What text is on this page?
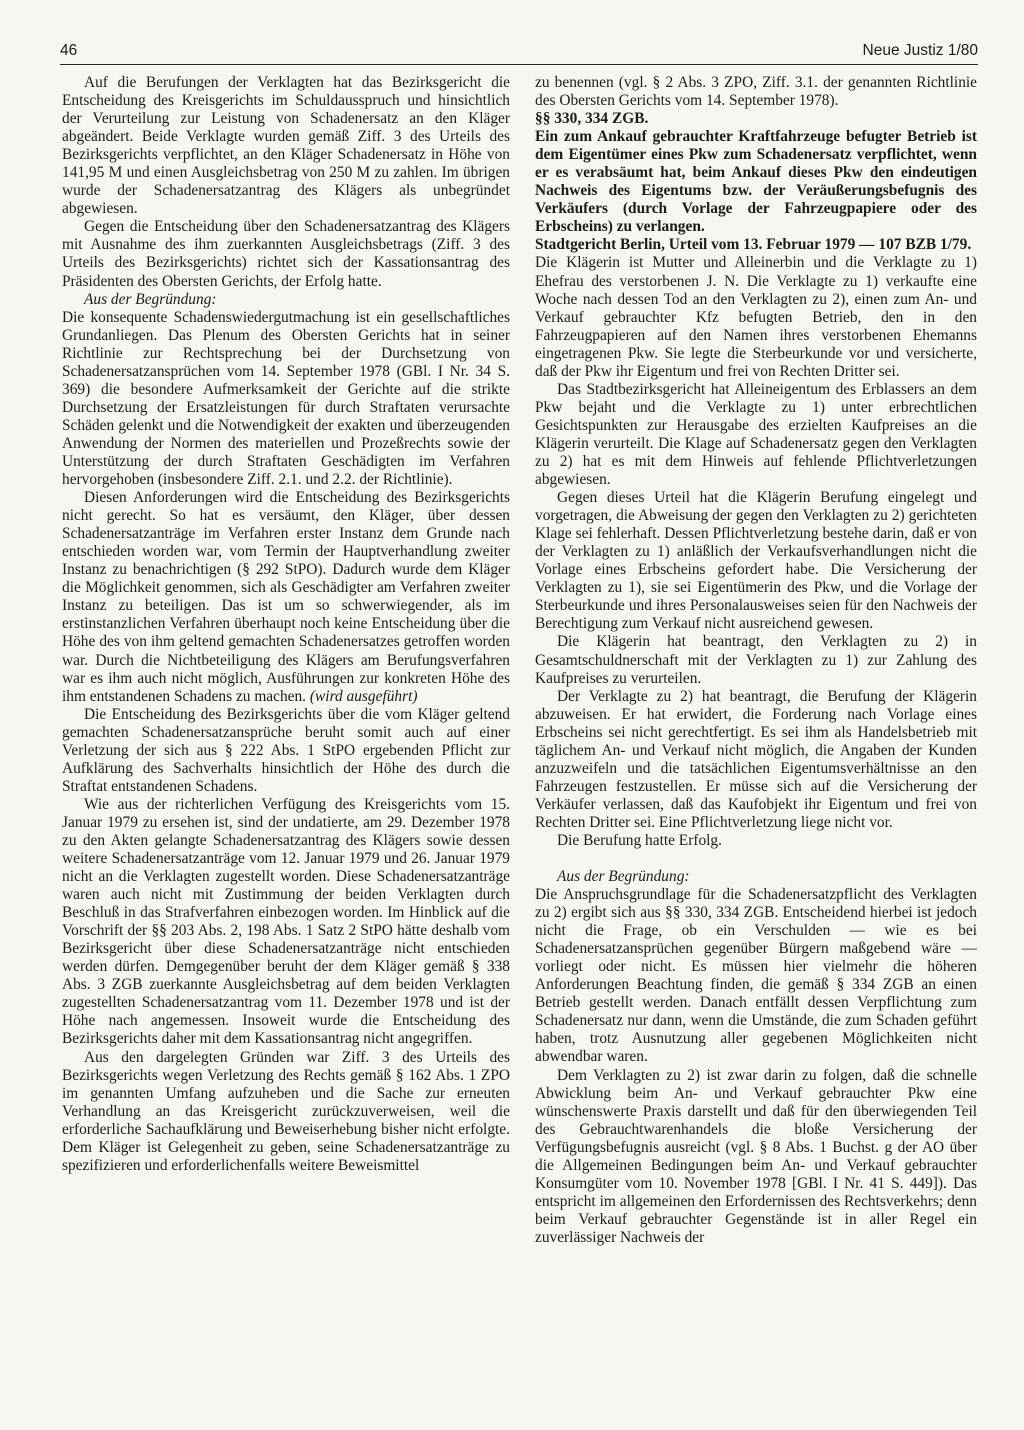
46	Neue Justiz 1/80

Auf die Berufungen der Verklagten hat das Bezirksgericht die Entscheidung des Kreisgerichts im Schuldausspruch und hinsichtlich der Verurteilung zur Leistung von Schadenersatz an den Kläger abgeändert. Beide Verklagte wurden gemäß Ziff. 3 des Urteils des Bezirksgerichts verpflichtet, an den Kläger Schadenersatz in Höhe von 141,95 M und einen Ausgleichsbetrag von 250 M zu zahlen. Im übrigen wurde der Schadenersatzantrag des Klägers als unbegründet abgewiesen.

Gegen die Entscheidung über den Schadenersatzantrag des Klägers mit Ausnahme des ihm zuerkannten Ausgleichsbetrags (Ziff. 3 des Urteils des Bezirksgerichts) richtet sich der Kassationsantrag des Präsidenten des Obersten Gerichts, der Erfolg hatte.

Aus der Begründung:

Die konsequente Schadenswiedergutmachung ist ein gesellschaftliches Grundanliegen. Das Plenum des Obersten Gerichts hat in seiner Richtlinie zur Rechtsprechung bei der Durchsetzung von Schadenersatzansprüchen vom 14. September 1978 (GBl. I Nr. 34 S. 369) die besondere Aufmerksamkeit der Gerichte auf die strikte Durchsetzung der Ersatzleistungen für durch Straftaten verursachte Schäden gelenkt und die Notwendigkeit der exakten und überzeugenden Anwendung der Normen des materiellen und Prozeßrechts sowie der Unterstützung der durch Straftaten Geschädigten im Verfahren hervorgehoben (insbesondere Ziff. 2.1. und 2.2. der Richtlinie).

Diesen Anforderungen wird die Entscheidung des Bezirksgerichts nicht gerecht. So hat es versäumt, den Kläger, über dessen Schadenersatzanträge im Verfahren erster Instanz dem Grunde nach entschieden worden war, vom Termin der Hauptverhandlung zweiter Instanz zu benachrichtigen (§ 292 StPO). Dadurch wurde dem Kläger die Möglichkeit genommen, sich als Geschädigter am Verfahren zweiter Instanz zu beteiligen. Das ist um so schwerwiegender, als im erstinstanzlichen Verfahren überhaupt noch keine Entscheidung über die Höhe des von ihm geltend gemachten Schadenersatzes getroffen worden war. Durch die Nichtbeteiligung des Klägers am Berufungsverfahren war es ihm auch nicht möglich, Ausführungen zur konkreten Höhe des ihm entstandenen Schadens zu machen. (wird ausgeführt)

Die Entscheidung des Bezirksgerichts über die vom Kläger geltend gemachten Schadenersatzansprüche beruht somit auch auf einer Verletzung der sich aus § 222 Abs. 1 StPO ergebenden Pflicht zur Aufklärung des Sachverhalts hinsichtlich der Höhe des durch die Straftat entstandenen Schadens.

Wie aus der richterlichen Verfügung des Kreisgerichts vom 15. Januar 1979 zu ersehen ist, sind der undatierte, am 29. Dezember 1978 zu den Akten gelangte Schadenersatzantrag des Klägers sowie dessen weitere Schadenersatzanträge vom 12. Januar 1979 und 26. Januar 1979 nicht an die Verklagten zugestellt worden. Diese Schadenersatzanträge waren auch nicht mit Zustimmung der beiden Verklagten durch Beschluß in das Strafverfahren einbezogen worden. Im Hinblick auf die Vorschrift der §§ 203 Abs. 2, 198 Abs. 1 Satz 2 StPO hätte deshalb vom Bezirksgericht über diese Schadenersatzanträge nicht entschieden werden dürfen. Demgegenüber beruht der dem Kläger gemäß § 338 Abs. 3 ZGB zuerkannte Ausgleichsbetrag auf dem beiden Verklagten zugestellten Schadenersatzantrag vom 11. Dezember 1978 und ist der Höhe nach angemessen. Insoweit wurde die Entscheidung des Bezirksgerichts daher mit dem Kassationsantrag nicht angegriffen.

Aus den dargelegten Gründen war Ziff. 3 des Urteils des Bezirksgerichts wegen Verletzung des Rechts gemäß § 162 Abs. 1 ZPO im genannten Umfang aufzuheben und die Sache zur erneuten Verhandlung an das Kreisgericht zurückzuverweisen, weil die erforderliche Sachaufklärung und Beweiserhebung bisher nicht erfolgte. Dem Kläger ist Gelegenheit zu geben, seine Schadenersatzanträge zu spezifizieren und erforderlichenfalls weitere Beweismittel

zu benennen (vgl. § 2 Abs. 3 ZPO, Ziff. 3.1. der genannten Richtlinie des Obersten Gerichts vom 14. September 1978).

§§ 330, 334 ZGB.

Ein zum Ankauf gebrauchter Kraftfahrzeuge befugter Betrieb ist dem Eigentümer eines Pkw zum Schadenersatz verpflichtet, wenn er es verabsäumt hat, beim Ankauf dieses Pkw den eindeutigen Nachweis des Eigentums bzw. der Veräußerungsbefugnis des Verkäufers (durch Vorlage der Fahrzeugpapiere oder des Erbscheins) zu verlangen.

Stadtgericht Berlin, Urteil vom 13. Februar 1979 — 107 BZB 1/79.

Die Klägerin ist Mutter und Alleinerbin und die Verklagte zu 1) Ehefrau des verstorbenen J. N. Die Verklagte zu 1) verkaufte eine Woche nach dessen Tod an den Verklagten zu 2), einen zum An- und Verkauf gebrauchter Kfz befugten Betrieb, den in den Fahrzeugpapieren auf den Namen ihres verstorbenen Ehemanns eingetragenen Pkw. Sie legte die Sterbeurkunde vor und versicherte, daß der Pkw ihr Eigentum und frei von Rechten Dritter sei.

Das Stadtbezirksgericht hat Alleineigentum des Erblassers an dem Pkw bejaht und die Verklagte zu 1) unter erbrechtlichen Gesichtspunkten zur Herausgabe des erzielten Kaufpreises an die Klägerin verurteilt. Die Klage auf Schadenersatz gegen den Verklagten zu 2) hat es mit dem Hinweis auf fehlende Pflichtverletzungen abgewiesen.

Gegen dieses Urteil hat die Klägerin Berufung eingelegt und vorgetragen, die Abweisung der gegen den Verklagten zu 2) gerichteten Klage sei fehlerhaft. Dessen Pflichtverletzung bestehe darin, daß er von der Verklagten zu 1) anläßlich der Verkaufsverhandlungen nicht die Vorlage eines Erbscheins gefordert habe. Die Versicherung der Verklagten zu 1), sie sei Eigentümerin des Pkw, und die Vorlage der Sterbeurkunde und ihres Personalausweises seien für den Nachweis der Berechtigung zum Verkauf nicht ausreichend gewesen.

Die Klägerin hat beantragt, den Verklagten zu 2) in Gesamtschuldnerschaft mit der Verklagten zu 1) zur Zahlung des Kaufpreises zu verurteilen.

Der Verklagte zu 2) hat beantragt, die Berufung der Klägerin abzuweisen. Er hat erwidert, die Forderung nach Vorlage eines Erbscheins sei nicht gerechtfertigt. Es sei ihm als Handelsbetrieb mit täglichem An- und Verkauf nicht möglich, die Angaben der Kunden anzuzweifeln und die tatsächlichen Eigentumsverhältnisse an den Fahrzeugen festzustellen. Er müsse sich auf die Versicherung der Verkäufer verlassen, daß das Kaufobjekt ihr Eigentum und frei von Rechten Dritter sei. Eine Pflichtverletzung liege nicht vor.

Die Berufung hatte Erfolg.

Aus der Begründung:

Die Anspruchsgrundlage für die Schadenersatzpflicht des Verklagten zu 2) ergibt sich aus §§ 330, 334 ZGB. Entscheidend hierbei ist jedoch nicht die Frage, ob ein Verschulden — wie es bei Schadenersatzansprüchen gegenüber Bürgern maßgebend wäre — vorliegt oder nicht. Es müssen hier vielmehr die höheren Anforderungen Beachtung finden, die gemäß § 334 ZGB an einen Betrieb gestellt werden. Danach entfällt dessen Verpflichtung zum Schadenersatz nur dann, wenn die Umstände, die zum Schaden geführt haben, trotz Ausnutzung aller gegebenen Möglichkeiten nicht abwendbar waren.

Dem Verklagten zu 2) ist zwar darin zu folgen, daß die schnelle Abwicklung beim An- und Verkauf gebrauchter Pkw eine wünschenswerte Praxis darstellt und daß für den überwiegenden Teil des Gebrauchtwarenhandels die bloße Versicherung der Verfügungsbefugnis ausreicht (vgl. § 8 Abs. 1 Buchst. g der AO über die Allgemeinen Bedingungen beim An- und Verkauf gebrauchter Konsumgüter vom 10. November 1978 [GBl. I Nr. 41 S. 449]). Das entspricht im allgemeinen den Erfordernissen des Rechtsverkehrs; denn beim Verkauf gebrauchter Gegenstände ist in aller Regel ein zuverlässiger Nachweis der
